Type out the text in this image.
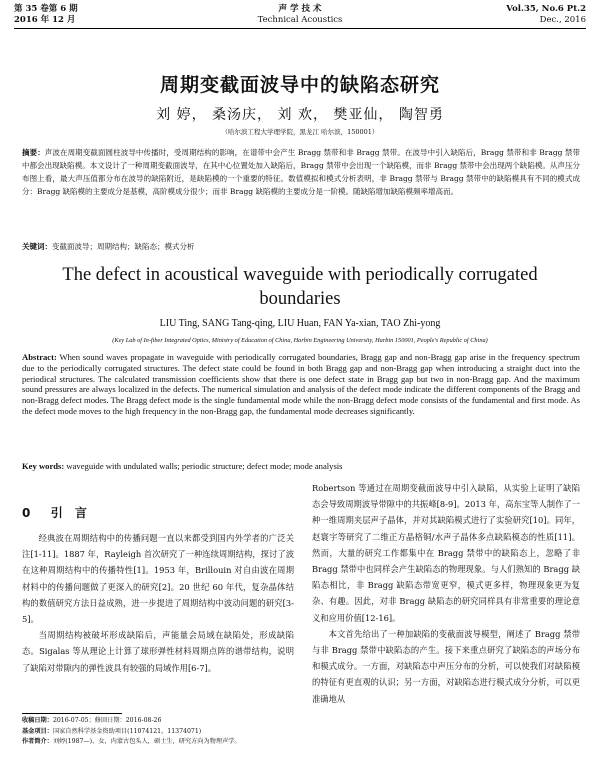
第 35 卷第 6 期
2016 年 12 月
声 学 技 术
Technical Acoustics
Vol.35, No.6 Pt.2
Dec., 2016
周期变截面波导中的缺陷态研究
刘 婷， 桑汤庆， 刘 欢， 樊亚仙， 陶智勇
（哈尔滨工程大学理学院，黑龙江 哈尔滨，150001）
摘要：声波在周期变截面圆柱波导中传播时，受周期结构的影响，在谱带中会产生 Bragg 禁带和非 Bragg 禁带。在波导中引入缺陷后，Bragg 禁带和非 Bragg 禁带中都会出现缺陷模。本文设计了一种周期变截面波导，在其中心位置处加入缺陷后，Bragg 禁带中会出现一个缺陷模，而非 Bragg 禁带中会出现两个缺陷模。从声压分布图上看，最大声压值都分布在波导的缺陷附近，是缺陷模的一个重要的特征。数值模拟和模式分析表明，非 Bragg 禁带与 Bragg 禁带中的缺陷模具有不同的模式成分：Bragg 缺陷模的主要成分是基模，高阶模成分很少；而非 Bragg 缺陷模的主要成分是一阶模。随缺陷增加缺陷模频率增高而。
关键词：变截面波导；周期结构；缺陷态；模式分析
The defect in acoustical waveguide with periodically corrugated boundaries
LIU Ting, SANG Tang-qing, LIU Huan, FAN Ya-xian, TAO Zhi-yong
(Key Lab of In-fiber Integrated Optics, Ministry of Education of China, Harbin Engineering University, Harbin 150001, People's Republic of China)
Abstract: When sound waves propagate in waveguide with periodically corrugated boundaries, Bragg gap and non-Bragg gap arise in the frequency spectrum due to the periodically corrugated structures. The defect state could be found in both Bragg gap and non-Bragg gap when introducing a straight duct into the periodical structures. The calculated transmission coefficients show that there is one defect state in Bragg gap but two in non-Bragg gap. And the maximum sound pressures are always localized in the defects. The numerical simulation and analysis of the defect mode indicate the different components of the Bragg and non-Bragg defect modes. The Bragg defect mode is the single fundamental mode while the non-Bragg defect mode consists of the fundamental and first mode. As the defect mode moves to the high frequency in the non-Bragg gap, the fundamental mode decreases significantly.
Key words: waveguide with undulated walls; periodic structure; defect mode; mode analysis
0 引 言

经典波在周期结构中的传播问题一直以来都受到国内外学者的广泛关注[1-11]。1887 年，Rayleigh 首次研究了一种连续周期结构，探讨了波在这种周期结构中的传播特性[1]。1953 年，Brillouin 对自由波在周期材料中的传播问题做了更深入的研究[2]。20 世纪 60 年代，复杂晶体结构的数值研究方法日益成熟，进一步提进了周期结构中波动问题的研究[3-5]。

当周期结构被破坏形成缺陷后，声能量会局域在缺陷处，形成缺陷态。Sigalas 等从理论上计算了球形弹性材料周期点阵的谱带结构，说明了缺陷对带隙内的弹性波具有较强的局域作用[6-7]。

Robertson 等通过在周期变截面波导中引入缺陷，从实验上证明了缺陷态会导致周期波导带隙中的共振峰[8-9]。2013 年，高东宝等人制作了一种一维周期夹层声子晶体，并对其缺陷模式进行了实验研究[10]。同年，赵寰宇等研究了二维正方晶格铜/水声子晶体多点缺陷模态的性质[11]。然而，大量的研究工作都集中在 Bragg 禁带中的缺陷态上，忽略了非 Bragg 禁带中也同样会产生缺陷态的物理现象。与人们熟知的 Bragg 缺陷态相比，非 Bragg 缺陷态带宽更窄，模式更多样，物理现象更为复杂、有趣。因此，对非 Bragg 缺陷态的研究同样具有非常重要的理论意义和应用价值[12-16]。

本文首先给出了一种加缺陷的变截面波导模型，阐述了 Bragg 禁带与非 Bragg 禁带中缺陷态的产生。接下来重点研究了缺陷态的声场分布和模式成分。一方面，对缺陷态中声压分布的分析，可以使我们对缺陷模的特征有更直观的认识；另一方面，对缺陷态进行模式成分分析，可以更准确地从

收稿日期：2016-07-05；修回日期：2016-08-26
基金项目：国家自然科学基金资助项目(11074121，11374071)
作者简介：刘婷(1987—)，女，内蒙古包头人，硕士生，研究方向为物理声学。
